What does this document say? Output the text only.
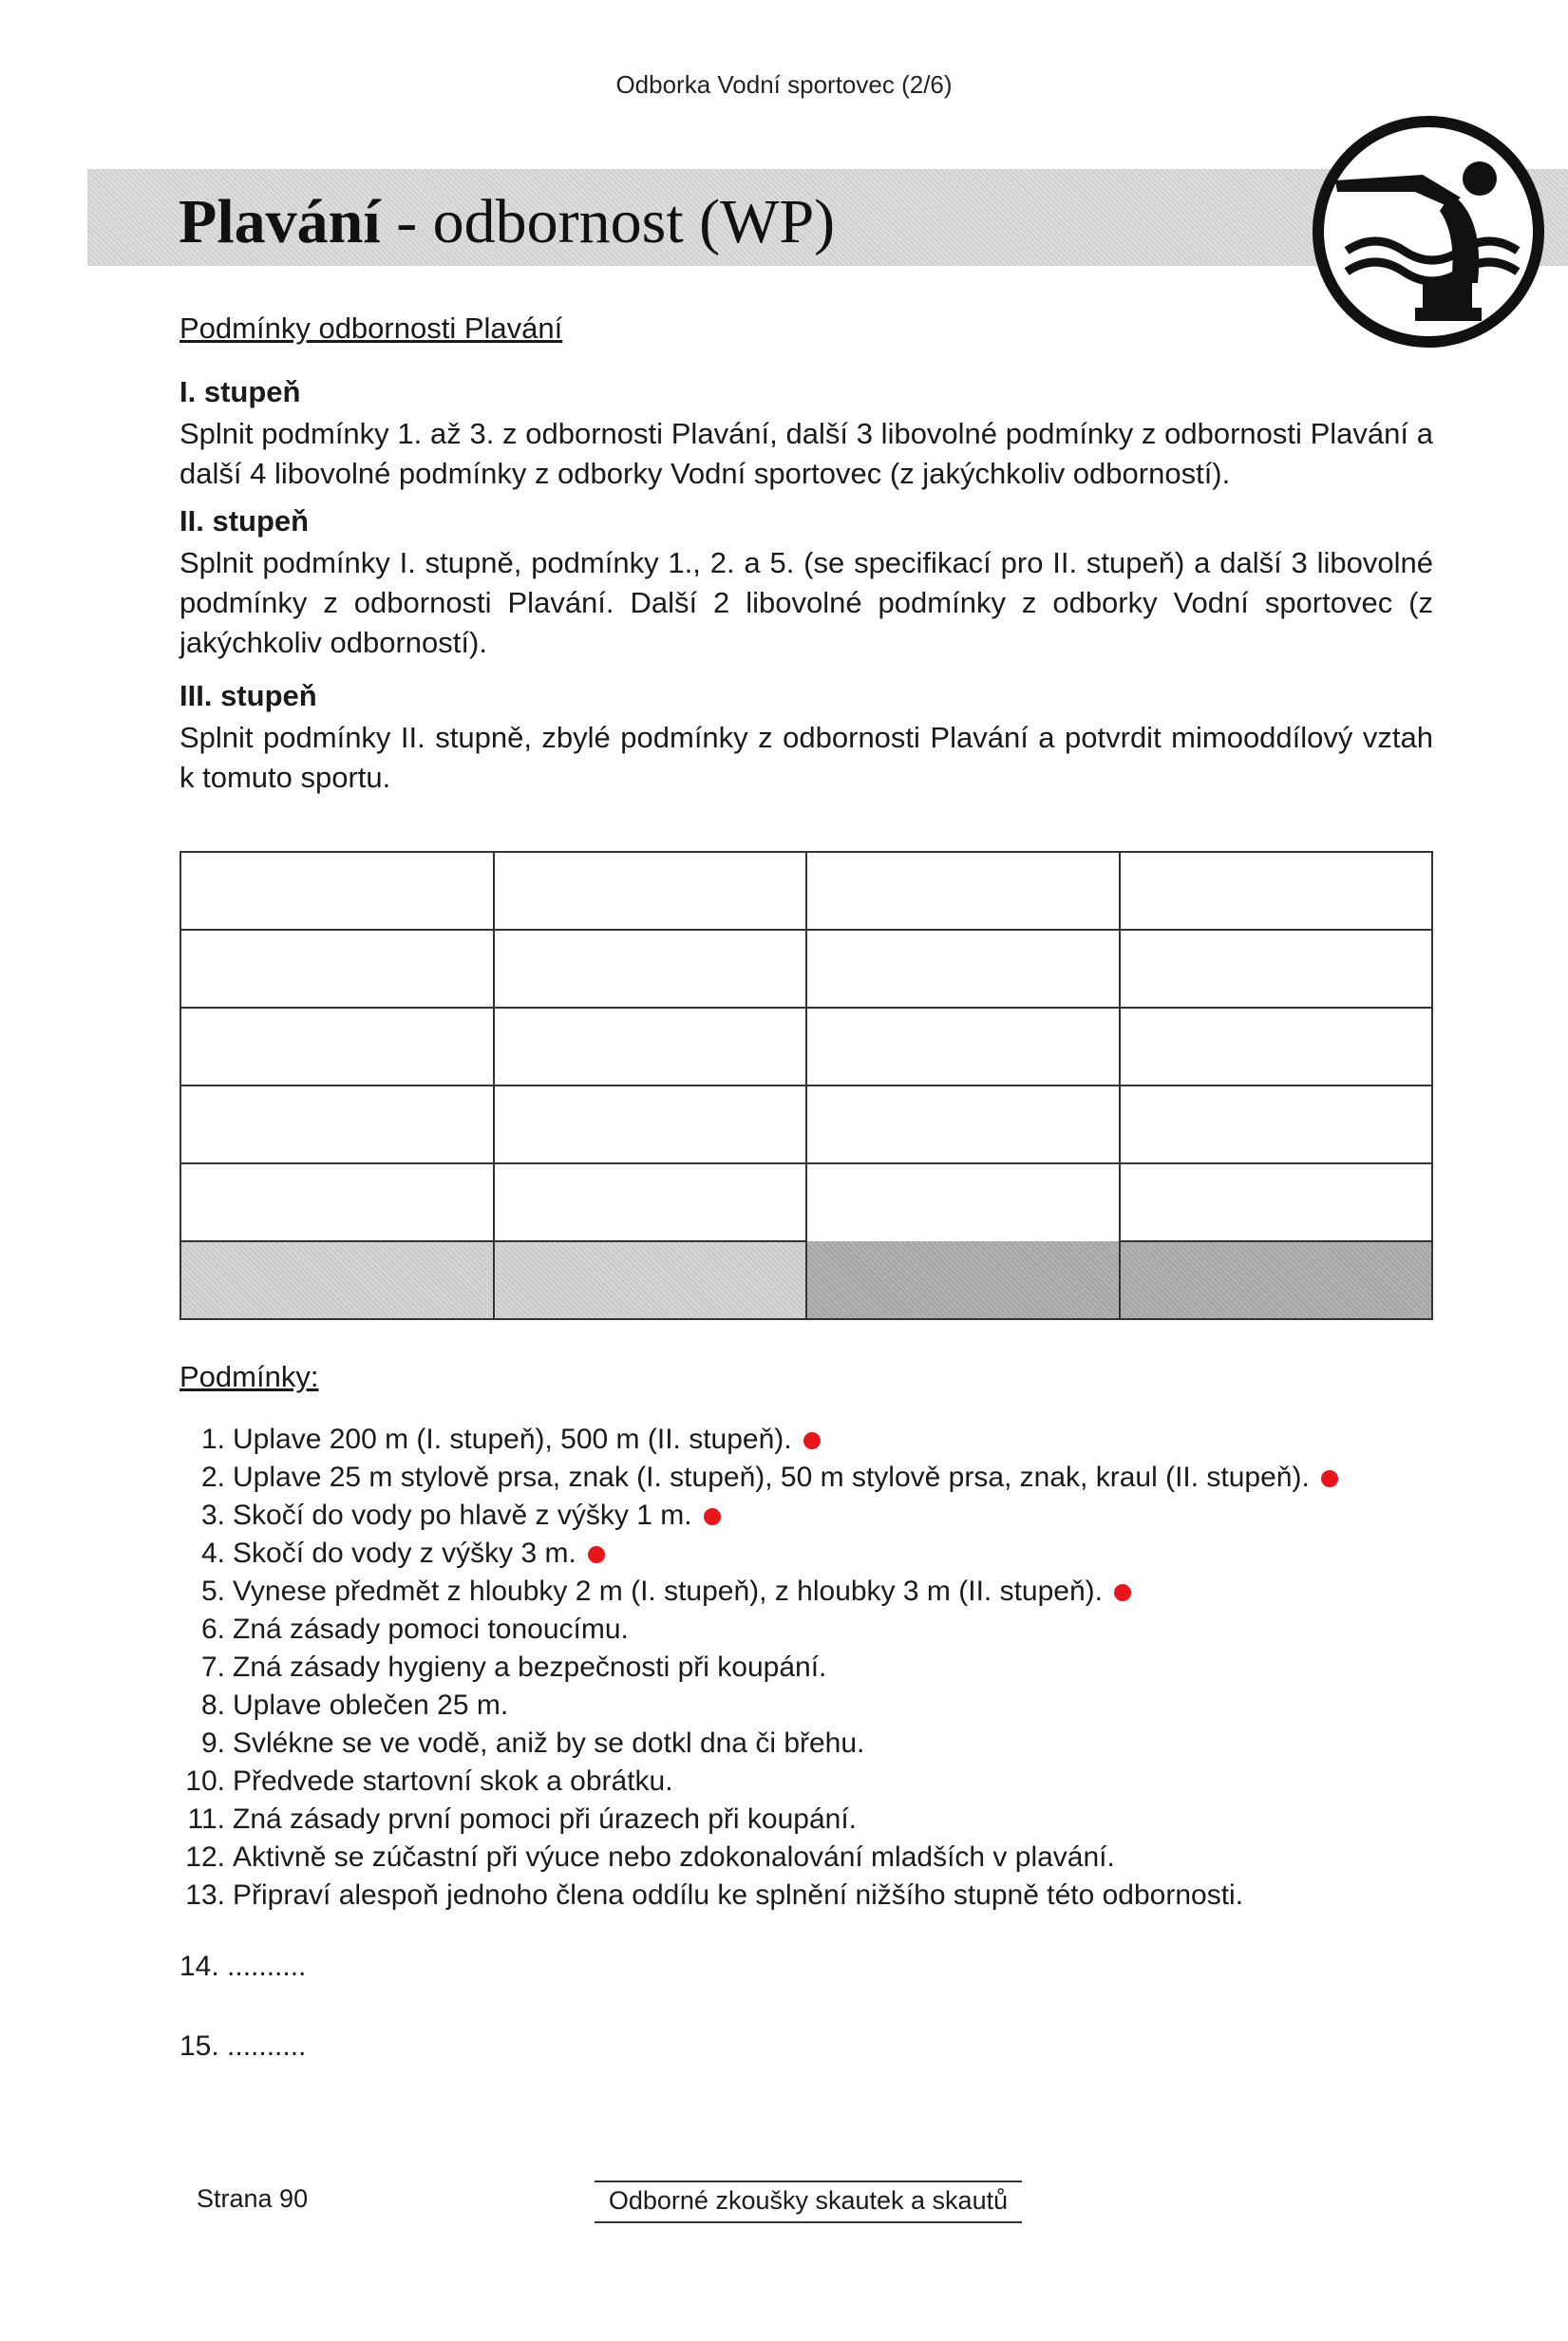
Odborka Vodní sportovec (2/6)
Plavání - odbornost (WP)
Podmínky odbornosti Plavání
I. stupeň
Splnit podmínky 1. až 3. z odbornosti Plavání, další 3 libovolné podmínky z odbornosti Plavání a další 4 libovolné podmínky z odborky Vodní sportovec (z jakýchkoliv odborností).
II. stupeň
Splnit podmínky I. stupně, podmínky 1., 2. a 5. (se specifikací pro II. stupeň) a další 3 libovolné podmínky z odbornosti Plavání. Další 2 libovolné podmínky z odborky Vodní sportovec (z jakýchkoliv odborností).
III. stupeň
Splnit podmínky II. stupně, zbylé podmínky z odbornosti Plavání a potvrdit mimooddílový vztah k tomuto sportu.

Podmínky:
1. Uplave 200 m (I. stupeň), 500 m (II. stupeň).
2. Uplave 25 m stylově prsa, znak (I. stupeň), 50 m stylově prsa, znak, kraul (II. stupeň).
3. Skočí do vody po hlavě z výšky 1 m.
4. Skočí do vody z výšky 3 m.
5. Vynese předmět z hloubky 2 m (I. stupeň), z hloubky 3 m (II. stupeň).
6. Zná zásady pomoci tonoucímu.
7. Zná zásady hygieny a bezpečnosti při koupání.
8. Uplave oblečen 25 m.
9. Svlékne se ve vodě, aniž by se dotkl dna či břehu.
10. Předvede startovní skok a obrátku.
11. Zná zásady první pomoci při úrazech při koupání.
12. Aktivně se zúčastní při výuce nebo zdokonalování mladších v plavání.
13. Připraví alespoň jednoho člena oddílu ke splnění nižšího stupně této odbornosti.
14. ..........
15. ..........
Strana 90	Odborné zkoušky skautek a skautů
